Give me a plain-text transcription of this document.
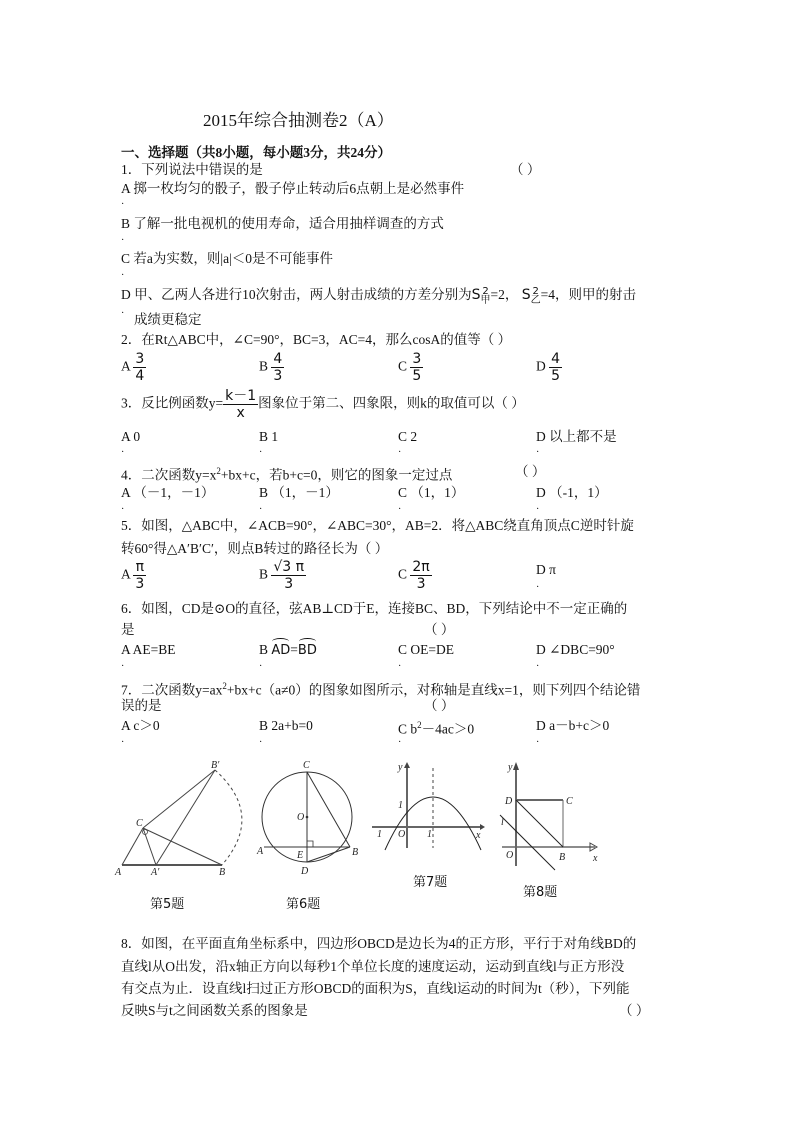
2015年综合抽测卷2（A）
一、选择题（共8小题，每小题3分，共24分）
1．下列说法中错误的是	（ ）
A 掷一枚均匀的骰子，骰子停止转动后6点朝上是必然事件
·
B 了解一批电视机的使用寿命，适合用抽样调查的方式
·
C 若a为实数，则|a|＜0是不可能事件
·
D 甲、乙两人各进行10次射击，两人射击成绩的方差分别为S 2
甲 =2， S 2
乙 =4，则甲的射击
· 成绩更稳定
2．在Rt△ABC中，∠C=90°，BC=3，AC=4，那么cosA的值等（ ）
A $\frac{3}{4}$	B $\frac{4}{3}$	C $\frac{3}{5}$	D $\frac{4}{5}$
3．反比例函数$y= \frac{k-1}{x}$ 图象位于第二、四象限，则k的取值可以（ ）
A 0	B 1	C 2	D 以上都不是
·	·	·	·
4．二次函数$y=x^2+bx+c$，若b+c=0，则它的图象一定过点	（ ）
A （－1，－1）	B （1，－1）	C （1，1）	D （-1，1）
·	·	·	·
5．如图，△ABC中，∠ACB=90°，∠ABC=30°，AB=2．将△ABC绕直角顶点C逆时针旋
转60°得△A′B′C′，则点B转过的路径长为（ ）
A $\frac{\pi}{3}$	B $\frac{√3 \pi}{3}$	C $\frac{2\pi}{3}$	D π
·
6．如图，CD是⊙O的直径，弦AB⊥CD于E，连接BC、BD，下列结论中不一定正确的
是	（ ）
A AE=BE	B AD=BD	C OE=DE	D ∠DBC=90°
·	·	·	·
7．二次函数$y=ax^2+bx+c(a\ne 0)$的图象如图所示，对称轴是直线x=1，则下列四个结论错
误的是	（ ）
A c＞0	B 2a+b=0	C $b^2-4ac>0$	D a－b+c＞0
·	·	·	·
B′
C
A	A′	B
第5题
C
O
A	E	B
D
第6题
y
1
1 O 1	x
第7题
y
D	C
l
O	B	x
第8题
8．如图，在平面直角坐标系中，四边形OBCD是边长为4的正方形，平行于对角线BD的
直线l从O出发，沿x轴正方向以每秒1个单位长度的速度运动，运动到直线l与正方形没
有交点为止．设直线l扫过正方形OBCD的面积为S，直线l运动的时间为t（秒），下列能
反映S与t之间函数关系的图象是	（ ）
